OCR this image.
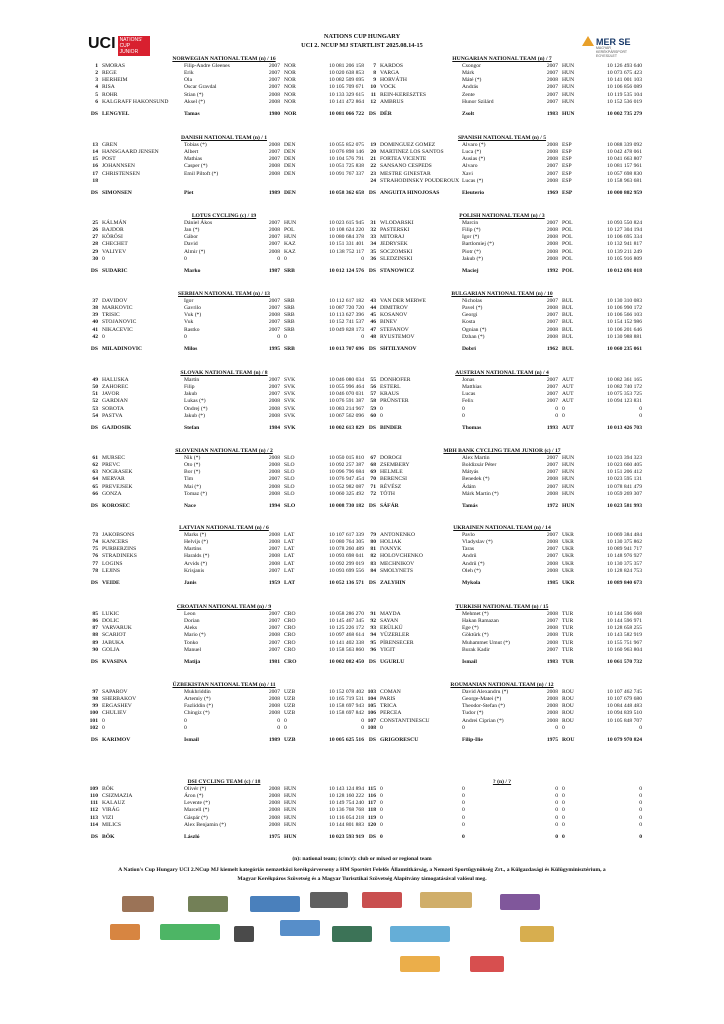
UCI NATIONS' CUP JUNIOR
NATIONS CUP HUNGARY
UCI 2. NCUP MJ STARTLIST 2025.08.14-15	MER SE
MAGYAR KERÉKPÁRSPORT EGYESÜLET
NORWEGIAN NATIONAL TEAM (n) / 16
1 SMORAS	Filip-Andre Gleenes	2007 NOR	10 081 206 158
2 REGE	Erik	2007 NOR	10 020 638 853
3 HERHEIM	Ola	2007 NOR	10 082 509 695
4 RISA	Oscar Gravdal	2007 NOR	10 105 709 671
5 ROHR	Stian (*)	2008 NOR	10 133 329 615
6 KALGRAFF HAKONSUND	Aksel (*)	2008 NOR	10 141 472 864
DS LENGYEL	Tamas	1980 NOR	10 081 066 722
HUNGARIAN NATIONAL TEAM (n) / 7
7 KARDOS	Csongor	2007 HUN	10 126 493 640
8 VARGA	Márk	2007 HUN	10 073 675 423
9 HORVÁTH	Máté (*)	2008 HUN	10 141 001 103
10 VOCK	András	2007 HUN	10 106 856 089
11 REIN-KERESZTES	Zente	2007 HUN	10 119 535 104
12 AMBRUS	Hunor Szilárd	2007 HUN	10 152 536 019
DS DÉR	Zsolt	1983 HUN	10 002 735 279
DANISH NATIONAL TEAM (n) / 1
13 GREN	Tobias (*)	2008 DEN	10 055 852 075
14 HANSGAARD JENSEN	Albert	2007 DEN	10 076 898 146
15 POST	Mathias	2007 DEN	10 104 576 791
16 JOHANNSEN	Casper (*)	2008 DEN	10 051 725 838
17 CHRISTENSEN	Emil Piltoft (*)	2008 DEN	10 091 767 337
18
DS SIMONSEN	Piet	1989 DEN	10 058 362 658
SPANISH NATIONAL TEAM (n) / 5
19 DOMINGUEZ GOMEZ	Alvaro (*)	2008 ESP	10 088 339 092
20 MARTINEZ LOS SANTOS	Luca (*)	2008 ESP	10 042 478 061
21 FORTEA VICENTE	Ausias (*)	2008 ESP	10 041 663 807
22 SANSANO CESPEDS	Alvaro	2007 ESP	10 081 157 961
23 MESTRE GINESTAR	Xavi	2007 ESP	10 057 698 830
24 STRAHODINSKY POUDEROUX Lucas (*)	2008 ESP	10 158 963 681
DS ANGUITA HINOJOSAS	Eleuterio	1969 ESP	10 000 802 959
LOTUS CYCLING (c) / 19
25 KÁLMÁN	Dániel Ákos	2007 HUN	10 023 615 945
26 BAJDOR	Jan (*)	2008 POL	10 108 624 220
27 KÖRÖSI	Gábor	2007 HUN	10 080 684 378
28 CHECHET	David	2007 KAZ	10 151 331 401
29 VALIYEV	Almir (*)	2008 KAZ	10 138 752 117
30 0	0	0 0	0
DS SUDARIC	Marko	1987 SRB	10 012 124 576
POLISH NATIONAL TEAM (n) / 3
31 WLODARSKI	Marcin	2007 POL	10 093 550 824
32 PASTERSKI	Filip (*)	2008 POL	10 127 304 194
33 MITORAJ	Igor (*)	2008 POL	10 106 695 334
34 JEDRYSEK	Bartlomiej (*)	2008 POL	10 132 941 817
35 SOCZOMSKI	Piotr (*)	2008 POL	10 139 211 249
36 SLEDZINSKI	Jakub (*)	2008 POL	10 105 916 809
DS STANOWICZ	Maciej	1992 POL	10 012 691 018
SERBIAN NATIONAL TEAM (n) / 13
37 DAVIDOV	Igor	2007 SRB	10 112 617 182
38 MARKOVIC	Gavrilo	2007 SRB	10 087 720 720
39 TRISIC	Vuk (*)	2008 SRB	10 113 627 396
40 STOJANOVIC	Vuk	2007 SRB	10 152 741 537
41 NIKACEVIC	Rastko	2007 SRB	10 049 828 173
42 0	0	0 0	0
DS MILADINOVIC	Milos	1995 SRB	10 013 707 696
BULGARIAN NATIONAL TEAM (n) / 10
43 VAN DER MERWE	Nicholas	2007 BUL	10 130 310 083
44 DIMITROV	Pavel (*)	2008 BUL	10 106 990 172
45 KOSANOV	Georgi	2007 BUL	10 106 566 103
46 BINEV	Kosta	2007 BUL	10 154 152 986
47 STEFANOV	Ognian (*)	2008 BUL	10 106 201 646
48 RYUSTEMOV	Dzhan (*)	2008 BUL	10 130 988 881
DS SHTILYANOV	Dobri	1962 BUL	10 060 235 061
SLOVAK NATIONAL TEAM (n) / 8
49 HALUSKA	Martin	2007 SVK	10 046 080 034
50 ZAHOREC	Filip	2007 SVK	10 055 996 464
51 JAVOR	Jakub	2007 SVK	10 046 070 031
52 GARDIAN	Lukas (*)	2008 SVK	10 076 591 387
53 SOBOTA	Ondrej (*)	2008 SVK	10 083 214 967
54 PASTVA	Jakub (*)	2008 SVK	10 067 562 096
DS GAJDOSIK	Stefan	1984 SVK	10 002 613 829
AUSTRIAN NATIONAL TEAM (n) / 4
55 DONHOFER	Jonas	2007 AUT	10 082 361 165
56 ESTERL	Matthias	2007 AUT	10 082 740 172
57 KRAUS	Lucas	2007 AUT	10 075 353 725
58 PRÜNSTER	Felix	2007 AUT	10 094 123 831
59 0	0	0 0	0
60 0	0	0 0	0
DS BINDER	Thomas	1993 AUT	10 013 426 703
SLOVENIAN NATIONAL TEAM (n) / 2
61 MURSEC	Nik (*)	2008 SLO	10 050 015 810
62 PREVC	Oto (*)	2008 SLO	10 092 257 387
63 NOGRASEK	Bor (*)	2008 SLO	10 096 796 684
64 MERVAR	Tim	2007 SLO	10 076 947 454
65 PREVEJSEK	Mai (*)	2008 SLO	10 052 982 087
66 GONZA	Tomaz (*)	2008 SLO	10 060 325 492
DS KOROSEC	Nace	1994 SLO	10 008 730 182
MBH BANK CYCLING TEAM JUNIOR (c) / 17
67 DOROGI	Alex Martin	2007 HUN	10 023 394 323
68 ZSEMBERY	Boldizsár Péter	2007 HUN	10 023 660 405
69 HELMLE	Mátyás	2007 HUN	10 151 206 412
70 BERENCSI	Benedek (*)	2008 HUN	10 023 595 131
71 RÉVÉSZ	Ádám	2007 HUN	10 078 841 479
72 TÓTH	Márk Martin (*)	2008 HUN	10 059 269 307
DS SÁFÁR	Tamás	1972 HUN	10 023 581 993
LATVIAN NATIONAL TEAM (n) / 6
73 JAKOBSONS	Marks (*)	2008 LAT	10 107 617 339
74 KANCERS	Helvijs (*)	2008 LAT	10 080 764 305
75 PURBERZINS	Martins	2007 LAT	10 078 260 489
76 STRADINEKS	Haralds (*)	2008 LAT	10 093 698 041
77 LOGINS	Arvids (*)	2008 LAT	10 092 299 019
78 LEJINS	Krisjanis	2007 LAT	10 093 699 556
DS VEIDE	Janis	1959 LAT	10 052 136 571
UKRAINEN NATIONAL TEAM (n) / 14
79 ANTONENKO	Pavlo	2007 UKR	10 069 384 484
80 HOLIAK	Vladyslav (*)	2008 UKR	10 130 375 862
81 IVANYK	Taras	2007 UKR	10 089 941 717
82 HOLOVCHENKO	Andrii	2007 UKR	10 148 976 927
83 MECHNIKOV	Andrii (*)	2008 UKR	10 130 375 357
84 SMOLYNETS	Oleh (*)	2008 UKR	10 128 824 753
DS ZALYHIN	Mykola	1985 UKR	10 089 840 673
CROATIAN NATIONAL TEAM (n) / 9
85 LUKIC	Leon	2007 CRO	10 058 286 270
86 DOLIC	Dorian	2007 CRO	10 145 467 345
87 VARVARUK	Aleks	2007 CRO	10 125 226 172
88 SCARIOT	Mario (*)	2008 CRO	10 097 468 614
89 JABUKA	Tonko	2007 CRO	10 141 402 338
90 GOLJA	Manuel	2007 CRO	10 158 563 860
DS KVASINA	Matija	1981 CRO	10 002 082 450
TURKISH NATIONAL TEAM (n) / 15
91 MAYDA	Mehmet (*)	2008 TUR	10 144 596 668
92 SAYAN	Hakan Ramazan	2007 TUR	10 144 596 971
93 ERÜLKÜ	Ege (*)	2008 TUR	10 128 658 255
94 YÜZERLER	Göktürk (*)	2008 TUR	10 143 582 919
95 PİRENSECER	Muhammet Umut (*)	2008 TUR	10 155 751 967
96 YIGIT	Burak Kadir	2007 TUR	10 160 963 804
DS UGURLU	Ismail	1983 TUR	10 061 570 732
ÜZBEKISTAN NATIONAL TEAM (n) / 11
97 SAPAROV	Mukhriddin	2007 UZB	10 152 078 402
98 SHERBAKOV	Artemiy (*)	2008 UZB	10 165 719 531
99 ERGASHEV	Fazliddin (*)	2008 UZB	10 158 697 943
100 CHULIEV	Chingiz (*)	2008 UZB	10 158 697 842
101 0	0	0 0	0
102 0	0	0 0	0
DS KARIMOV	Ismail	1989 UZB	10 005 625 516
ROUMANIAN NATIONAL TEAM (n) / 12
103 COMAN	David Alexandru (*)	2008 ROU	10 107 462 745
104 PARIS	George-Matei (*)	2008 ROU	10 107 679 680
105 TRICA	Theodor-Stefan (*)	2008 ROU	10 084 448 483
106 PERCEA	Tudor (*)	2008 ROU	10 094 839 510
107 CONSTANTINESCU	Andrei Ciprian (*)	2008 ROU	10 105 848 707
108 0	0	0 0	0
DS GRIGORESCU	Filip-Ilie	1975 ROU	10 079 970 824
DSI CYCLING TEAM (c) / 18
109 BÖK	Olivér (*)	2008 HUN	10 143 124 894
110 CSIZMAZIA	Áron (*)	2008 HUN	10 128 160 222
111 KALAUZ	Levente (*)	2008 HUN	10 149 754 240
112 VIRÁG	Marcell (*)	2008 HUN	10 136 768 768
113 VIZI	Gáspár (*)	2008 HUN	10 116 054 218
114 MILICS	Alex Benjamin (*)	2008 HUN	10 144 801 883
DS BÖK	László	1975 HUN	10 023 593 919
? (n) / ?
115 0	0	0 0	0
116 0	0	0 0	0
117 0	0	0 0	0
118 0	0	0 0	0
119 0	0	0 0	0
120 0	0	0 0	0
DS 0	0	0 0	0
(n): national team; (c/m/r): club or mixed or regional team
A Nation's Cup Hungary UCI 2.NCup MJ kiemelt kategóriás nemzetközi kerékpárverseny a HM Sportért Felelős Államtitkárság, a Nemzeti Sportügynökség Zrt., a Külgazdasági és Külügyminisztérium, a
Magyar Kerékpáros Szövetség és a Magyar Turisztikai Szövetség Alapítvány támogatásával valósul meg.
